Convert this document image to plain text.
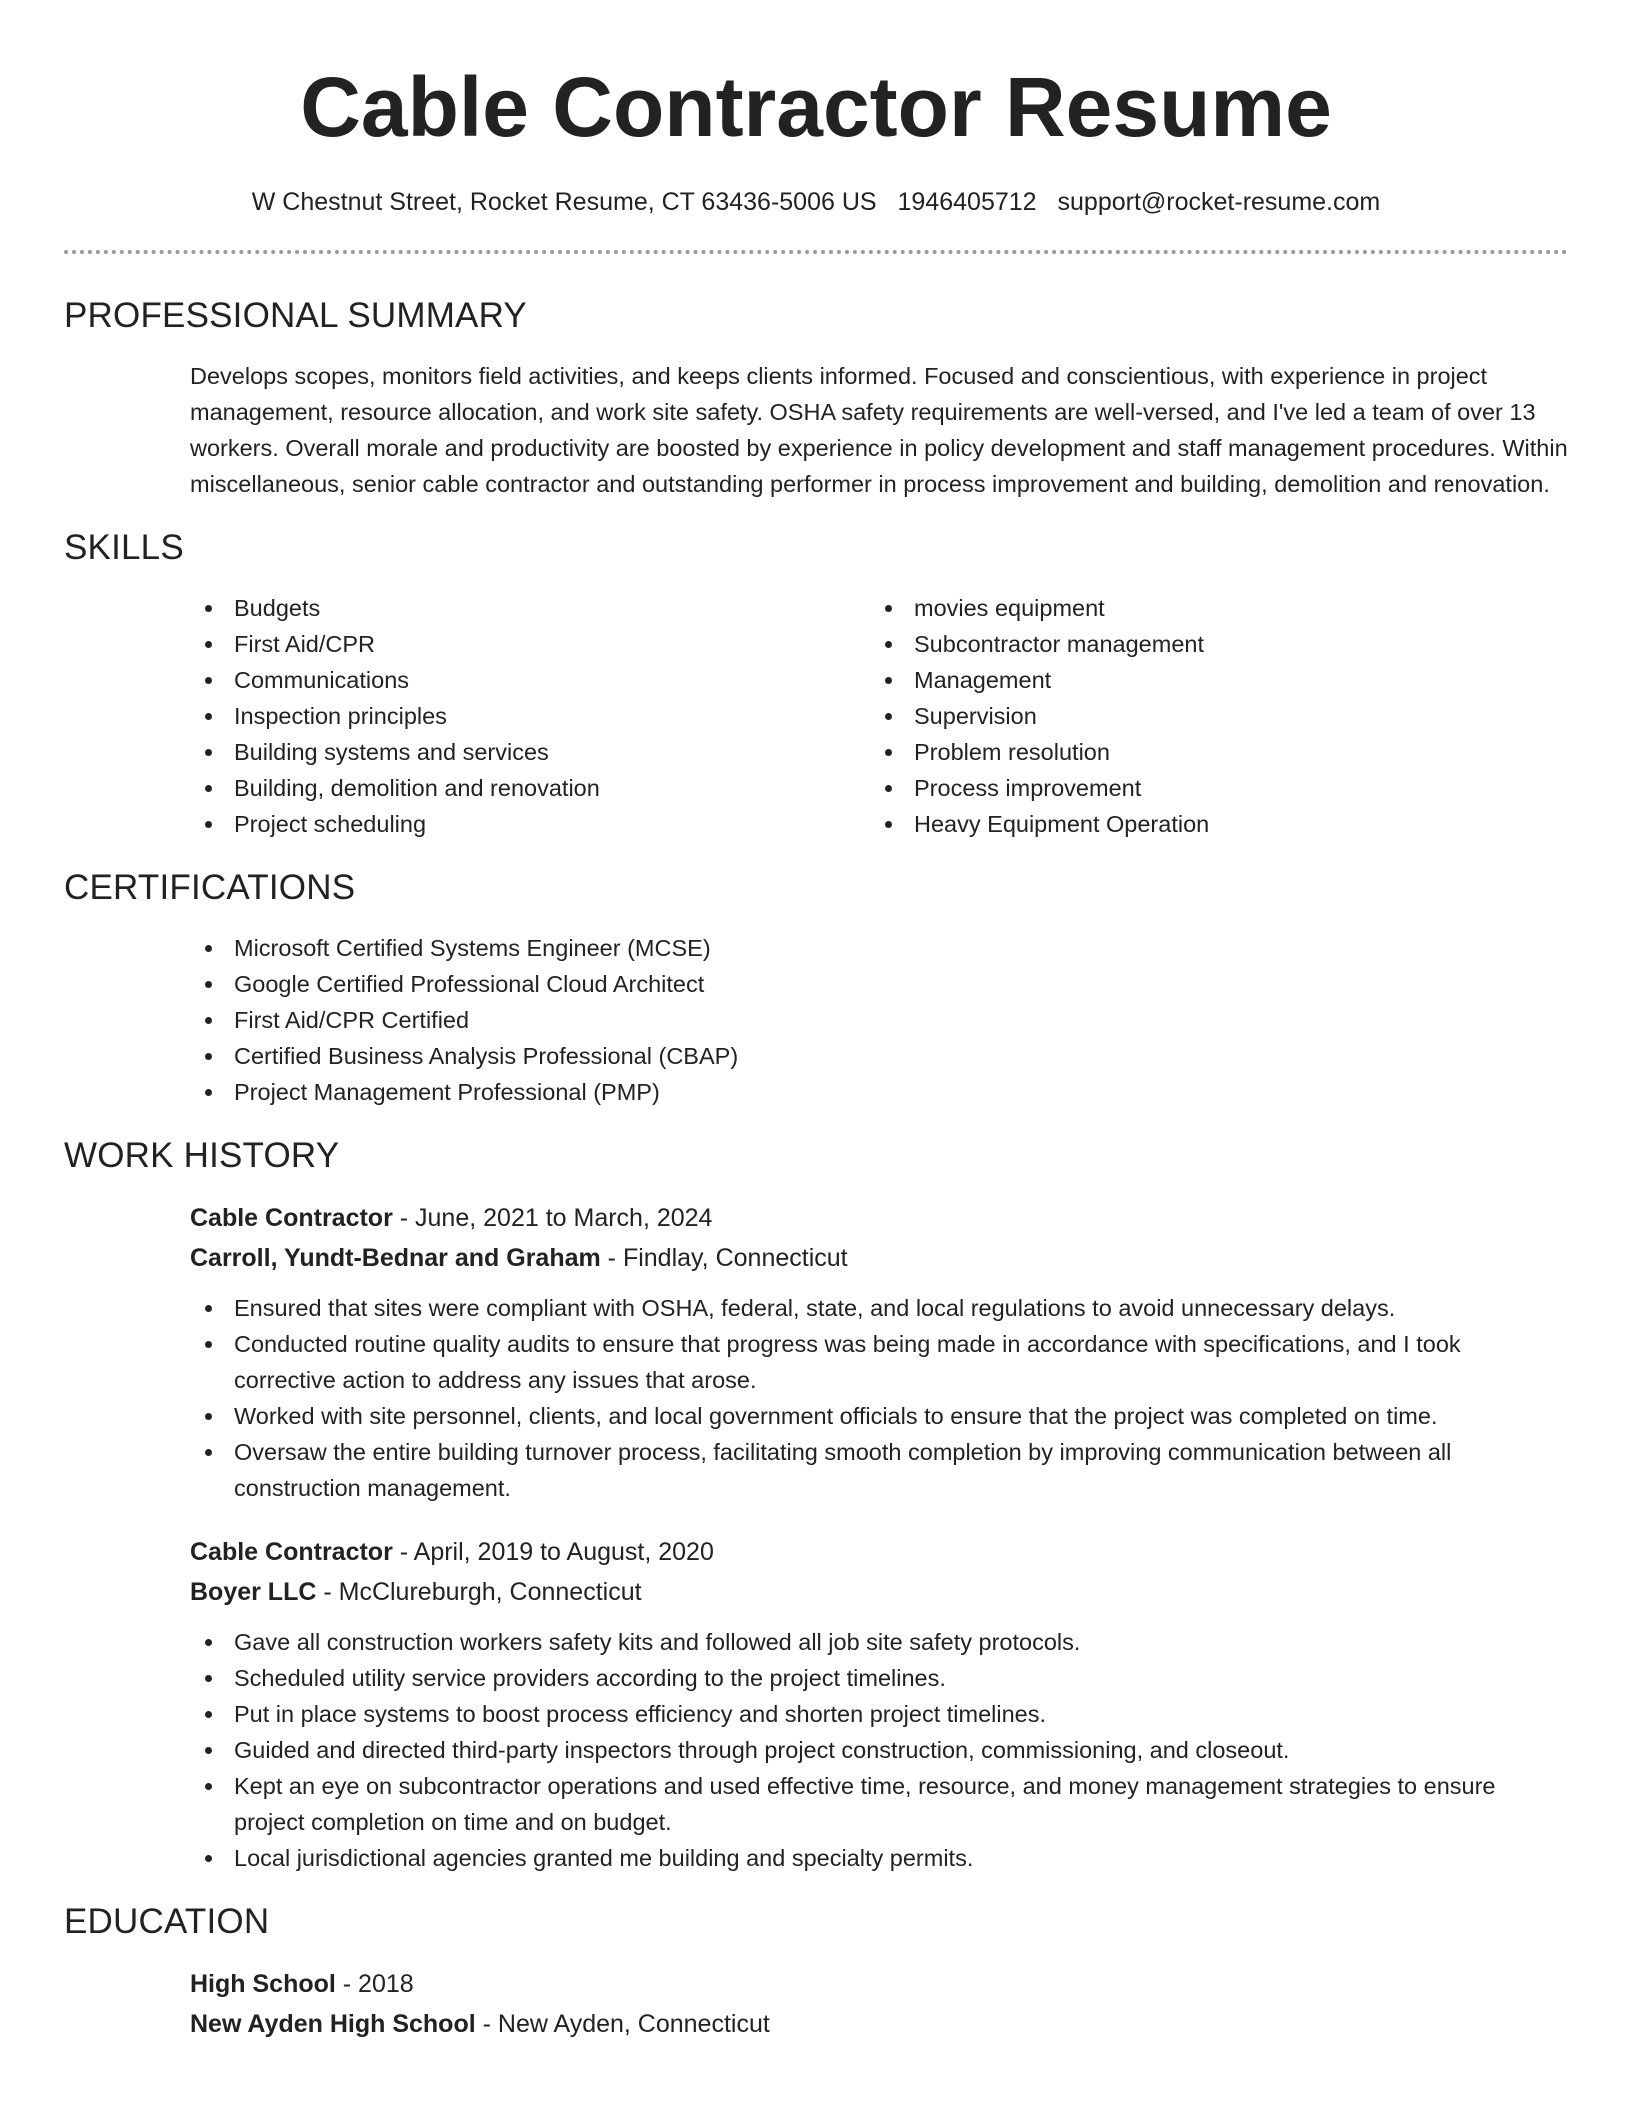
Cable Contractor Resume
W Chestnut Street, Rocket Resume, CT 63436-5006 US 1946405712 support@rocket-resume.com
PROFESSIONAL SUMMARY
Develops scopes, monitors field activities, and keeps clients informed. Focused and conscientious, with experience in project management, resource allocation, and work site safety. OSHA safety requirements are well-versed, and I've led a team of over 13 workers. Overall morale and productivity are boosted by experience in policy development and staff management procedures. Within miscellaneous, senior cable contractor and outstanding performer in process improvement and building, demolition and renovation.
SKILLS
Budgets
First Aid/CPR
Communications
Inspection principles
Building systems and services
Building, demolition and renovation
Project scheduling
movies equipment
Subcontractor management
Management
Supervision
Problem resolution
Process improvement
Heavy Equipment Operation
CERTIFICATIONS
Microsoft Certified Systems Engineer (MCSE)
Google Certified Professional Cloud Architect
First Aid/CPR Certified
Certified Business Analysis Professional (CBAP)
Project Management Professional (PMP)
WORK HISTORY
Cable Contractor - June, 2021 to March, 2024
Carroll, Yundt-Bednar and Graham - Findlay, Connecticut
Ensured that sites were compliant with OSHA, federal, state, and local regulations to avoid unnecessary delays.
Conducted routine quality audits to ensure that progress was being made in accordance with specifications, and I took corrective action to address any issues that arose.
Worked with site personnel, clients, and local government officials to ensure that the project was completed on time.
Oversaw the entire building turnover process, facilitating smooth completion by improving communication between all construction management.
Cable Contractor - April, 2019 to August, 2020
Boyer LLC - McClureburgh, Connecticut
Gave all construction workers safety kits and followed all job site safety protocols.
Scheduled utility service providers according to the project timelines.
Put in place systems to boost process efficiency and shorten project timelines.
Guided and directed third-party inspectors through project construction, commissioning, and closeout.
Kept an eye on subcontractor operations and used effective time, resource, and money management strategies to ensure project completion on time and on budget.
Local jurisdictional agencies granted me building and specialty permits.
EDUCATION
High School - 2018
New Ayden High School - New Ayden, Connecticut
